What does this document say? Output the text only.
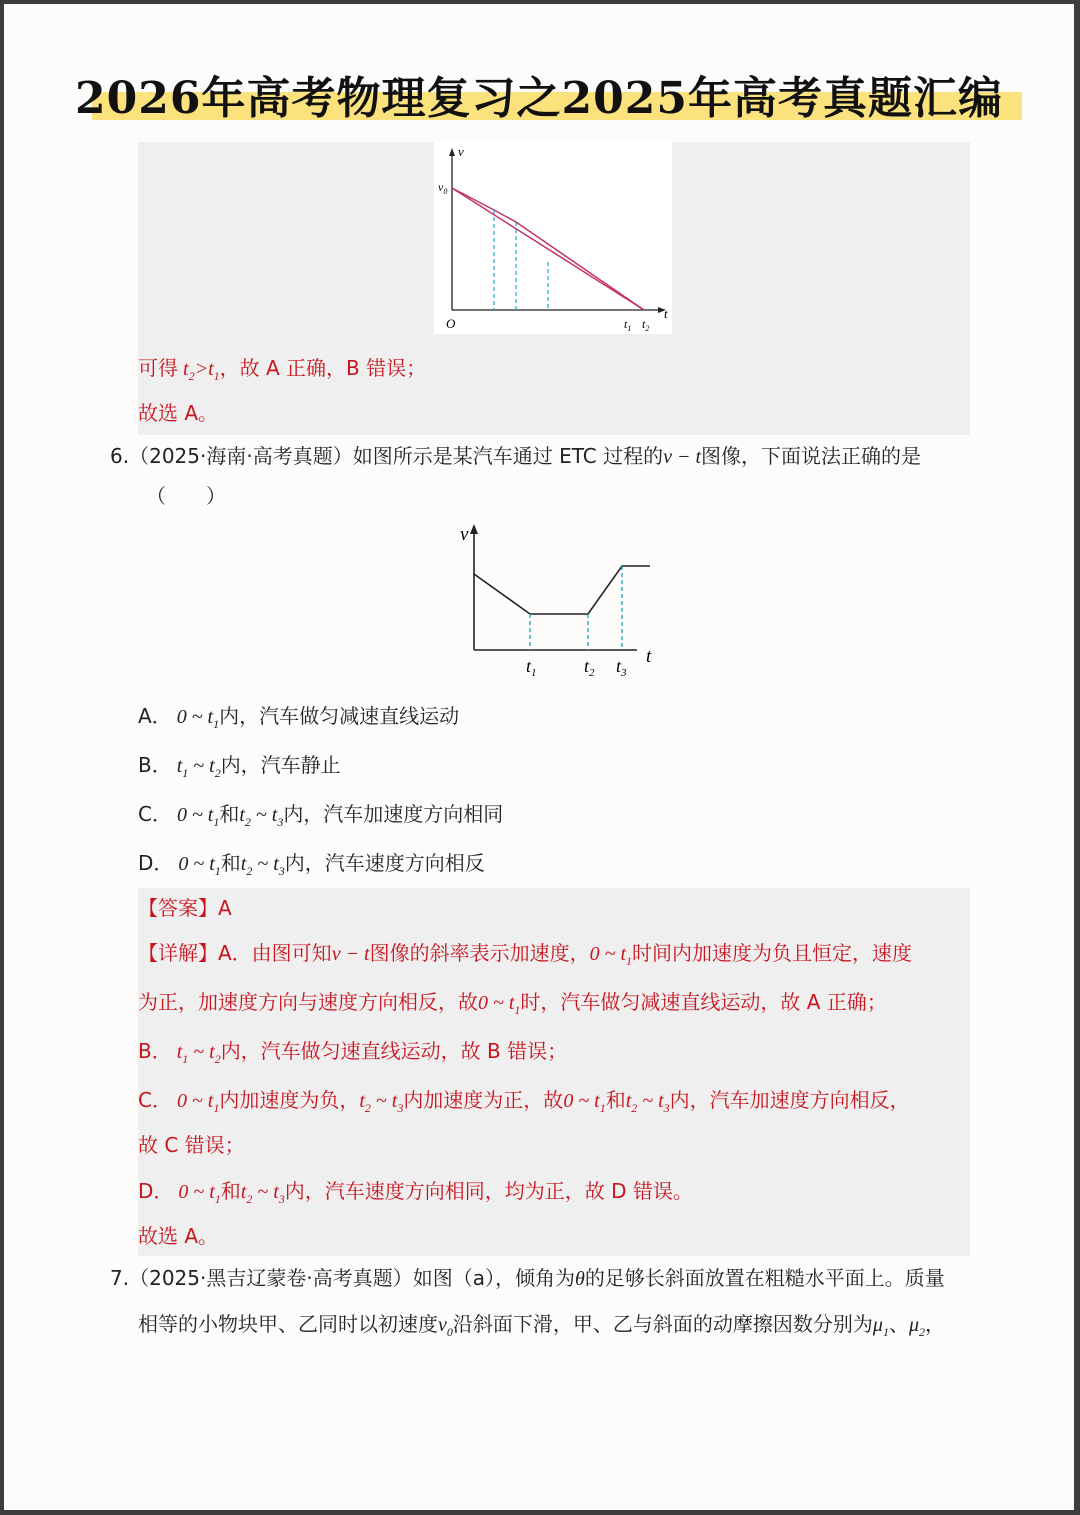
2026年高考物理复习之2025年高考真题汇编
v
$v_0$
O
t
$t_1$ $t_2$
可得 $t_2>t_1$，故 A 正确，B 错误；
故选 A。
6.（2025·海南·高考真题）如图所示是某汽车通过 ETC 过程的v − t图像，下面说法正确的是
（　　）
v
t
$t_1$	$t_2$ $t_3$
A． 0 ~ $t_1$内，汽车做匀减速直线运动
B． $t_1$ ~ $t_2$内，汽车静止
C． 0 ~ $t_1$和$t_2$ ~ $t_3$内，汽车加速度方向相同
D． 0 ~ $t_1$和$t_2$ ~ $t_3$内，汽车速度方向相反
【答案】A
【详解】A．由图可知v − t图像的斜率表示加速度，0 ~ $t_1$时间内加速度为负且恒定，速度
为正，加速度方向与速度方向相反，故0 ~ $t_1$时，汽车做匀减速直线运动，故 A 正确；
B． $t_1$ ~ $t_2$内，汽车做匀速直线运动，故 B 错误；
C． 0 ~ $t_1$内加速度为负，$t_2$ ~ $t_3$内加速度为正，故0 ~ $t_1$和$t_2$ ~ $t_3$内，汽车加速度方向相反，
故 C 错误；
D． 0 ~ $t_1$和$t_2$ ~ $t_3$内，汽车速度方向相同，均为正，故 D 错误。
故选 A。
7.（2025·黑吉辽蒙卷·高考真题）如图（a），倾角为θ的足够长斜面放置在粗糙水平面上。质量
相等的小物块甲、乙同时以初速度$v_0$沿斜面下滑，甲、乙与斜面的动摩擦因数分别为$\mu_1$、$\mu_2$，
